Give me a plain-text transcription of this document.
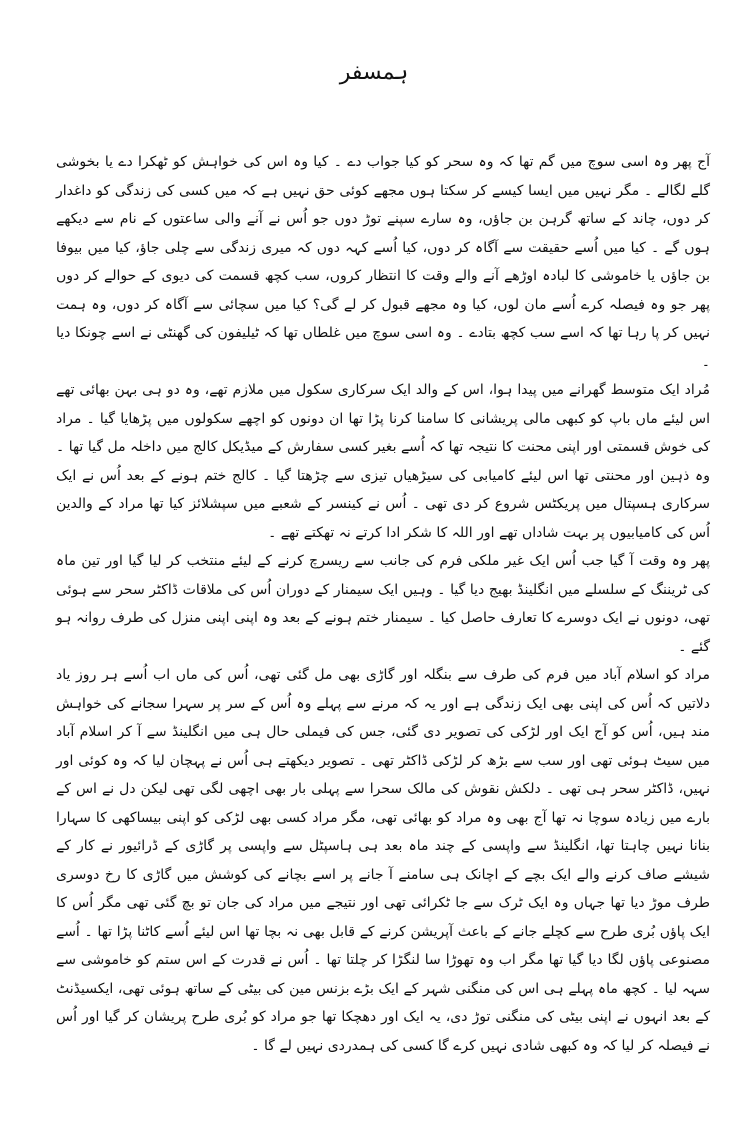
ہمسفر

آج پھر وہ اسی سوچ میں گم تھا کہ وہ سحر کو کیا جواب دے ۔ کیا وہ اس کی خواہش کو ٹھکرا دے یا بخوشی گلے لگالے ۔ مگر نہیں میں ایسا کیسے کر سکتا ہوں مجھے کوئی حق نہیں ہے کہ میں کسی کی زندگی کو داغدار کر دوں، چاند کے ساتھ گرہن بن جاؤں، وہ سارے سپنے توڑ دوں جو اُس نے آنے والی ساعتوں کے نام سے دیکھے ہوں گے ۔ کیا میں اُسے حقیقت سے آگاہ کر دوں، کیا اُسے کہہ دوں کہ میری زندگی سے چلی جاؤ، کیا میں بیوفا بن جاؤں یا خاموشی کا لبادہ اوڑھے آنے والے وقت کا انتظار کروں، سب کچھ قسمت کی دیوی کے حوالے کر دوں پھر جو وہ فیصلہ کرے اُسے مان لوں، کیا وہ مجھے قبول کر لے گی؟ کیا میں سچائی سے آگاہ کر دوں، وہ ہمت نہیں کر پا رہا تھا کہ اسے سب کچھ بتادے ۔ وہ اسی سوچ میں غلطاں تھا کہ ٹیلیفون کی گھنٹی نے اسے چونکا دیا ۔

مُراد ایک متوسط گھرانے میں پیدا ہوا، اس کے والد ایک سرکاری سکول میں ملازم تھے، وہ دو ہی بہن بھائی تھے اس لیئے ماں باپ کو کبھی مالی پریشانی کا سامنا کرنا پڑا تھا ان دونوں کو اچھے سکولوں میں پڑھایا گیا ۔ مراد کی خوش قسمتی اور اپنی محنت کا نتیجہ تھا کہ اُسے بغیر کسی سفارش کے میڈیکل کالج میں داخلہ مل گیا تھا ۔ وہ ذہین اور محنتی تھا اس لیئے کامیابی کی سیڑھیاں تیزی سے چڑھتا گیا ۔ کالج ختم ہونے کے بعد اُس نے ایک سرکاری ہسپتال میں پریکٹس شروع کر دی تھی ۔ اُس نے کینسر کے شعبے میں سپشلائز کیا تھا مراد کے والدین اُس کی کامیابیوں پر بہت شاداں تھے اور اللہ کا شکر ادا کرتے نہ تھکتے تھے ۔

پھر وہ وقت آ گیا جب اُس ایک غیر ملکی فرم کی جانب سے ریسرچ کرنے کے لیئے منتخب کر لیا گیا اور تین ماہ کی ٹریننگ کے سلسلے میں انگلینڈ بھیج دیا گیا ۔ وہیں ایک سیمنار کے دوران اُس کی ملاقات ڈاکٹر سحر سے ہوئی تھی، دونوں نے ایک دوسرے کا تعارف حاصل کیا ۔ سیمنار ختم ہونے کے بعد وہ اپنی اپنی منزل کی طرف روانہ ہو گئے ۔

مراد کو اسلام آباد میں فرم کی طرف سے بنگلہ اور گاڑی بھی مل گئی تھی، اُس کی ماں اب اُسے ہر روز یاد دلاتیں کہ اُس کی اپنی بھی ایک زندگی ہے اور یہ کہ مرنے سے پہلے وہ اُس کے سر پر سہرا سجانے کی خواہش مند ہیں، اُس کو آج ایک اور لڑکی کی تصویر دی گئی، جس کی فیملی حال ہی میں انگلینڈ سے آ کر اسلام آباد میں سیٹ ہوئی تھی اور سب سے بڑھ کر لڑکی ڈاکٹر تھی ۔ تصویر دیکھتے ہی اُس نے پہچان لیا کہ وہ کوئی اور نہیں، ڈاکٹر سحر ہی تھی ۔ دلکش نقوش کی مالک سحرا سے پہلی بار بھی اچھی لگی تھی لیکن دل نے اس کے بارے میں زیادہ سوچا نہ تھا آج بھی وہ مراد کو بھائی تھی، مگر مراد کسی بھی لڑکی کو اپنی بیساکھی کا سہارا بنانا نہیں چاہتا تھا، انگلینڈ سے واپسی کے چند ماہ بعد ہی ہاسپٹل سے واپسی پر گاڑی کے ڈرائیور نے کار کے شیشے صاف کرنے والے ایک بچے کے اچانک ہی سامنے آ جانے پر اسے بچانے کی کوشش میں گاڑی کا رخ دوسری طرف موڑ دیا تھا جہاں وہ ایک ٹرک سے جا ٹکرائی تھی اور نتیجے میں مراد کی جان تو بچ گئی تھی مگر اُس کا ایک پاؤں بُری طرح سے کچلے جانے کے باعث آپریشن کرنے کے قابل بھی نہ بچا تھا اس لیئے اُسے کاٹنا پڑا تھا ۔ اُسے مصنوعی پاؤں لگا دیا گیا تھا مگر اب وہ تھوڑا سا لنگڑا کر چلتا تھا ۔ اُس نے قدرت کے اس ستم کو خاموشی سے سہہ لیا ۔ کچھ ماہ پہلے ہی اس کی منگنی شہر کے ایک بڑے بزنس مین کی بیٹی کے ساتھ ہوئی تھی، ایکسیڈنٹ کے بعد انہوں نے اپنی بیٹی کی منگنی توڑ دی، یہ ایک اور دھچکا تھا جو مراد کو بُری طرح پریشان کر گیا اور اُس نے فیصلہ کر لیا کہ وہ کبھی شادی نہیں کرے گا کسی کی ہمدردی نہیں لے گا ۔
